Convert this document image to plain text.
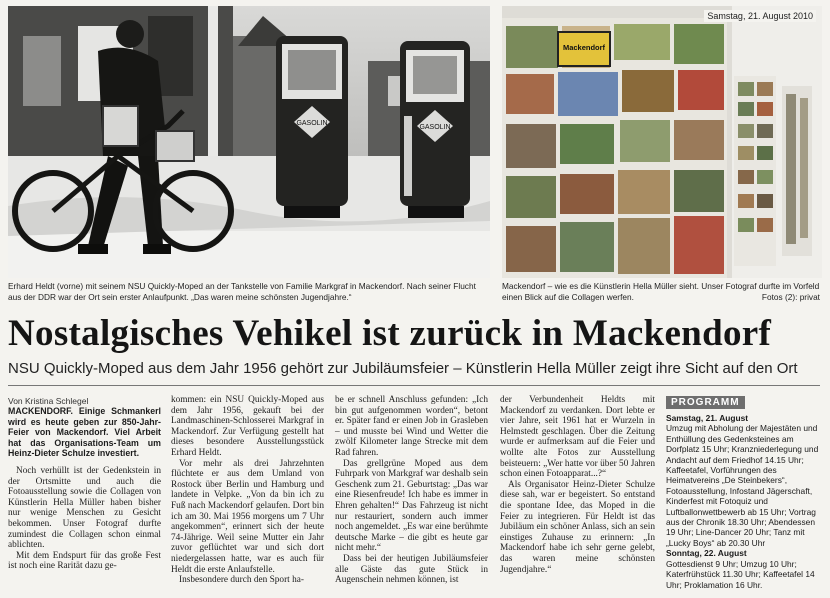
GASOLIN
GASOLIN
Mackendorf
Samstag, 21. August 2010
Erhard Heldt (vorne) mit seinem NSU Quickly-Moped an der Tankstelle von Familie Markgraf in Mackendorf. Nach seiner Flucht aus der DDR war der Ort sein erster Anlaufpunkt. „Das waren meine schönsten Jugendjahre.“
Mackendorf – wie es die Künstlerin Hella Müller sieht. Unser Fotograf durfte im Vorfeld einen Blick auf die Collagen werfen.	Fotos (2): privat
Nostalgisches Vehikel ist zurück in Mackendorf
NSU Quickly-Moped aus dem Jahr 1956 gehört zur Jubiläumsfeier – Künstlerin Hella Müller zeigt ihre Sicht auf den Ort
Von Kristina Schlegel

MACKENDORF. Einige Schmankerl wird es heute geben zur 850-Jahr-Feier von Mackendorf. Viel Arbeit hat das Organisations-Team um Heinz-Dieter Schulze investiert.

Noch verhüllt ist der Gedenkstein in der Ortsmitte und auch die Fotoausstellung sowie die Collagen von Künstlerin Hella Müller haben bisher nur wenige Menschen zu Gesicht bekommen. Unser Fotograf durfte zumindest die Collagen schon einmal ablichten.

Mit dem Endspurt für das große Fest ist noch eine Rarität dazu ge-

kommen: ein NSU Quickly-Moped aus dem Jahr 1956, gekauft bei der Landmaschinen-Schlosserei Markgraf in Mackendorf. Zur Verfügung gestellt hat dieses besondere Ausstellungsstück Erhard Heldt.

Vor mehr als drei Jahrzehnten flüchtete er aus dem Umland von Rostock über Berlin und Hamburg und landete in Velpke. „Von da bin ich zu Fuß nach Mackendorf gelaufen. Dort bin ich am 30. Mai 1956 morgens um 7 Uhr angekommen“, erinnert sich der heute 74-Jährige. Weil seine Mutter ein Jahr zuvor geflüchtet war und sich dort niedergelassen hatte, war es auch für Heldt die erste Anlaufstelle.

Insbesondere durch den Sport ha-

be er schnell Anschluss gefunden: „Ich bin gut aufgenommen worden“, betont er. Später fand er einen Job in Grasleben – und musste bei Wind und Wetter die zwölf Kilometer lange Strecke mit dem Rad fahren.

Das grellgrüne Moped aus dem Fuhrpark von Markgraf war deshalb sein Geschenk zum 21. Geburtstag: „Das war eine Riesenfreude! Ich habe es immer in Ehren gehalten!“ Das Fahrzeug ist nicht nur restauriert, sondern auch immer noch angemeldet. „Es war eine berühmte deutsche Marke – die gibt es heute gar nicht mehr.“

Dass bei der heutigen Jubiläumsfeier alle Gäste das gute Stück in Augenschein nehmen können, ist

der Verbundenheit Heldts mit Mackendorf zu verdanken. Dort lebte er vier Jahre, seit 1961 hat er Wurzeln in Helmstedt geschlagen. Über die Zeitung wurde er aufmerksam auf die Feier und wollte alte Fotos zur Ausstellung beisteuern: „Wer hatte vor über 50 Jahren schon einen Fotoapparat...?“

Als Organisator Heinz-Dieter Schulze diese sah, war er begeistert. So entstand die spontane Idee, das Moped in die Feier zu integrieren. Für Heldt ist das Jubiläum ein schöner Anlass, sich an sein einstiges Zuhause zu erinnern: „In Mackendorf habe ich sehr gerne gelebt, das waren meine schönsten Jugendjahre.“

PROGRAMM
Samstag, 21. August
Umzug mit Abholung der Majestäten und Enthüllung des Gedenksteines am Dorfplatz 15 Uhr; Kranzniederlegung und Andacht auf dem Friedhof 14.15 Uhr; Kaffeetafel, Vorführungen des Heimatvereins „De Steinbekers“, Fotoausstellung, Infostand Jägerschaft, Kinderfest mit Fotoquiz und Luftballonwettbewerb ab 15 Uhr; Vortrag aus der Chronik 18.30 Uhr; Abendessen 19 Uhr; Line-Dancer 20 Uhr; Tanz mit „Lucky Boys“ ab 20.30 Uhr
Sonntag, 22. August
Gottesdienst 9 Uhr; Umzug 10 Uhr; Katerfrühstück 11.30 Uhr; Kaffeetafel 14 Uhr; Proklamation 16 Uhr.
